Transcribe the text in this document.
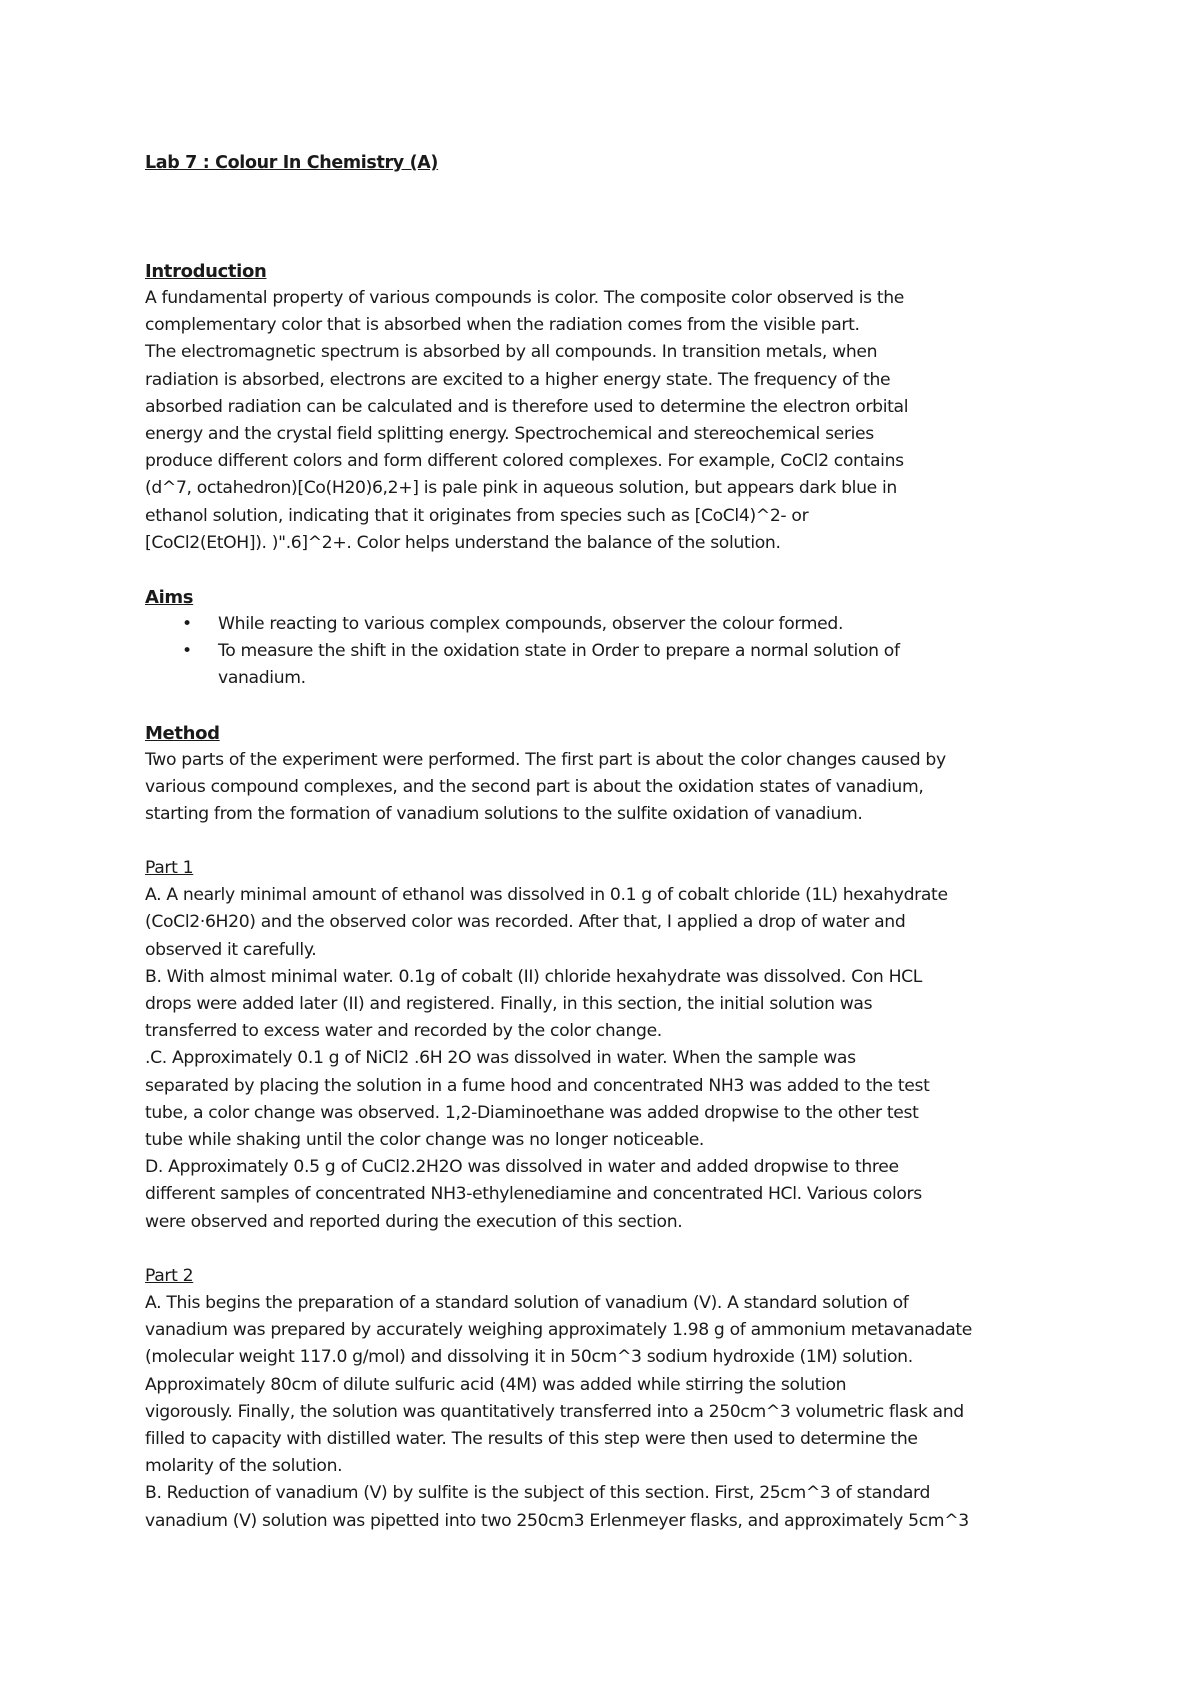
Lab 7 : Colour In Chemistry (A)

Introduction

A fundamental property of various compounds is color. The composite color observed is the
complementary color that is absorbed when the radiation comes from the visible part.
The electromagnetic spectrum is absorbed by all compounds. In transition metals, when
radiation is absorbed, electrons are excited to a higher energy state. The frequency of the
absorbed radiation can be calculated and is therefore used to determine the electron orbital
energy and the crystal field splitting energy. Spectrochemical and stereochemical series
produce different colors and form different colored complexes. For example, CoCl2 contains
(d^7, octahedron)[Co(H20)6,2+] is pale pink in aqueous solution, but appears dark blue in
ethanol solution, indicating that it originates from species such as [CoCl4)^2- or
[CoCl2(EtOH]). )".6]^2+. Color helps understand the balance of the solution.

Aims

• While reacting to various complex compounds, observer the colour formed.
• To measure the shift in the oxidation state in Order to prepare a normal solution of
vanadium.

Method

Two parts of the experiment were performed. The first part is about the color changes caused by
various compound complexes, and the second part is about the oxidation states of vanadium,
starting from the formation of vanadium solutions to the sulfite oxidation of vanadium.

Part 1

A. A nearly minimal amount of ethanol was dissolved in 0.1 g of cobalt chloride (1L) hexahydrate
(CoCl2·6H20) and the observed color was recorded. After that, I applied a drop of water and
observed it carefully.
B. With almost minimal water. 0.1g of cobalt (II) chloride hexahydrate was dissolved. Con HCL
drops were added later (II) and registered. Finally, in this section, the initial solution was
transferred to excess water and recorded by the color change.
.C. Approximately 0.1 g of NiCl2 .6H 2O was dissolved in water. When the sample was
separated by placing the solution in a fume hood and concentrated NH3 was added to the test
tube, a color change was observed. 1,2-Diaminoethane was added dropwise to the other test
tube while shaking until the color change was no longer noticeable.
D. Approximately 0.5 g of CuCl2.2H2O was dissolved in water and added dropwise to three
different samples of concentrated NH3-ethylenediamine and concentrated HCl. Various colors
were observed and reported during the execution of this section.

Part 2

A. This begins the preparation of a standard solution of vanadium (V). A standard solution of
vanadium was prepared by accurately weighing approximately 1.98 g of ammonium metavanadate
(molecular weight 117.0 g/mol) and dissolving it in 50cm^3 sodium hydroxide (1M) solution.
Approximately 80cm of dilute sulfuric acid (4M) was added while stirring the solution
vigorously. Finally, the solution was quantitatively transferred into a 250cm^3 volumetric flask and
filled to capacity with distilled water. The results of this step were then used to determine the
molarity of the solution.
B. Reduction of vanadium (V) by sulfite is the subject of this section. First, 25cm^3 of standard
vanadium (V) solution was pipetted into two 250cm3 Erlenmeyer flasks, and approximately 5cm^3
